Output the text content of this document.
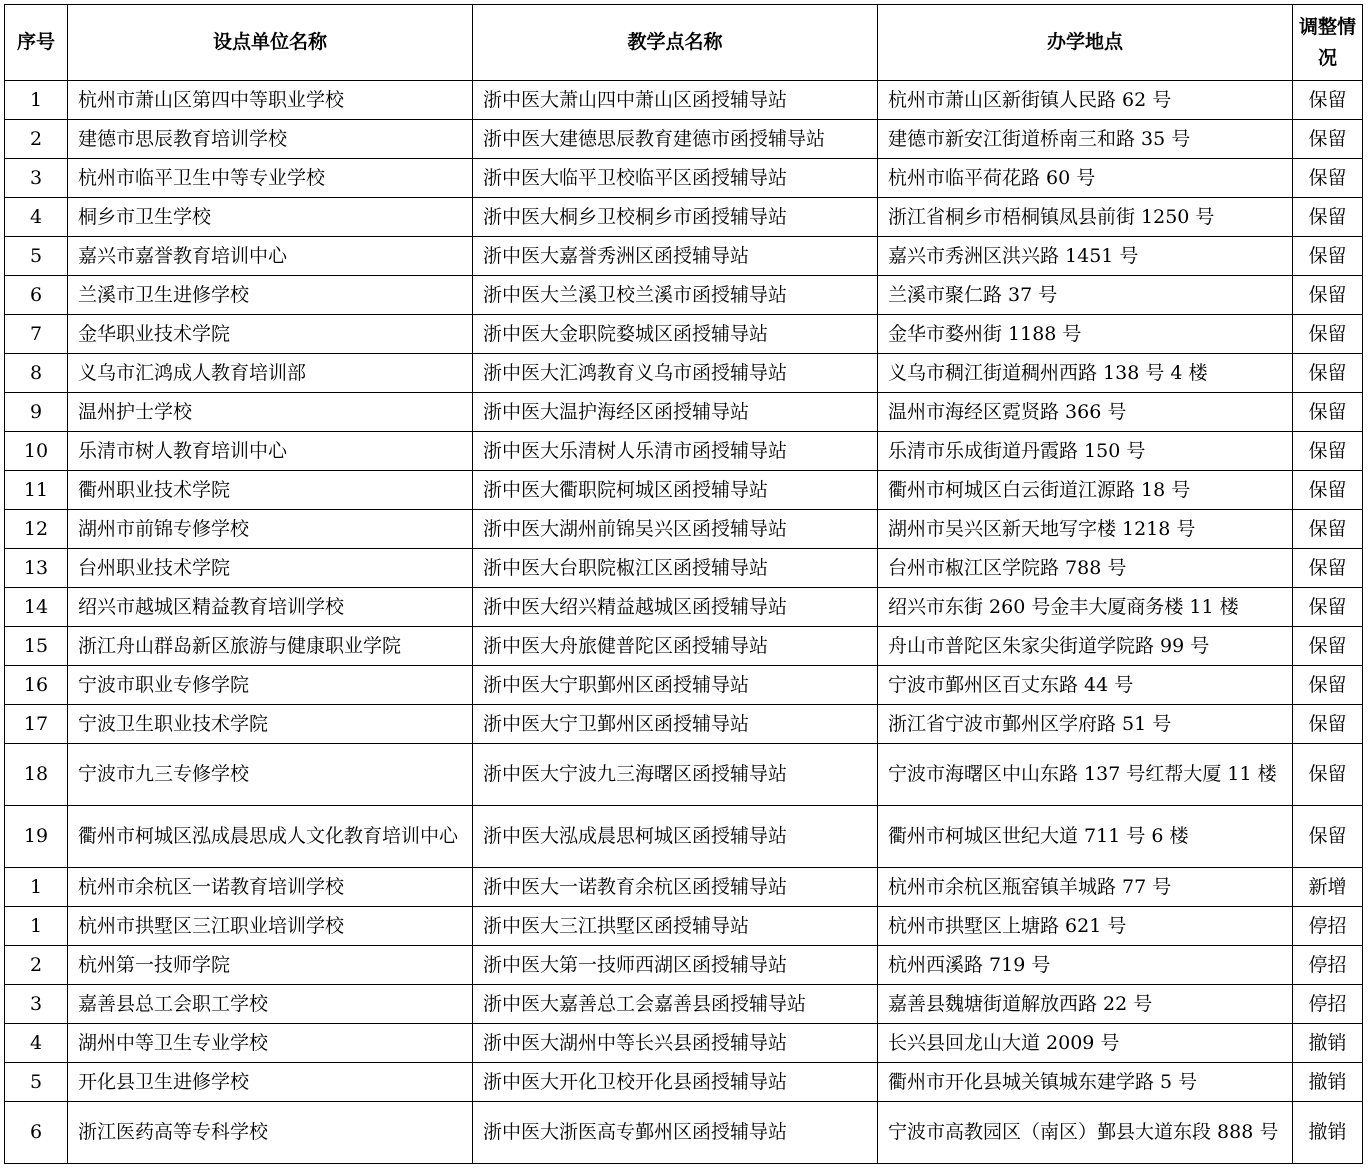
序号	设点单位名称	教学点名称	办学地点	调整情况
1	杭州市萧山区第四中等职业学校	浙中医大萧山四中萧山区函授辅导站	杭州市萧山区新街镇人民路 62 号	保留
2	建德市思辰教育培训学校	浙中医大建德思辰教育建德市函授辅导站	建德市新安江街道桥南三和路 35 号	保留
3	杭州市临平卫生中等专业学校	浙中医大临平卫校临平区函授辅导站	杭州市临平荷花路 60 号	保留
4	桐乡市卫生学校	浙中医大桐乡卫校桐乡市函授辅导站	浙江省桐乡市梧桐镇凤县前街 1250 号	保留
5	嘉兴市嘉誉教育培训中心	浙中医大嘉誉秀洲区函授辅导站	嘉兴市秀洲区洪兴路 1451 号	保留
6	兰溪市卫生进修学校	浙中医大兰溪卫校兰溪市函授辅导站	兰溪市聚仁路 37 号	保留
7	金华职业技术学院	浙中医大金职院婺城区函授辅导站	金华市婺州街 1188 号	保留
8	义乌市汇鸿成人教育培训部	浙中医大汇鸿教育义乌市函授辅导站	义乌市稠江街道稠州西路 138 号 4 楼	保留
9	温州护士学校	浙中医大温护海经区函授辅导站	温州市海经区霓贤路 366 号	保留
10	乐清市树人教育培训中心	浙中医大乐清树人乐清市函授辅导站	乐清市乐成街道丹霞路 150 号	保留
11	衢州职业技术学院	浙中医大衢职院柯城区函授辅导站	衢州市柯城区白云街道江源路 18 号	保留
12	湖州市前锦专修学校	浙中医大湖州前锦吴兴区函授辅导站	湖州市吴兴区新天地写字楼 1218 号	保留
13	台州职业技术学院	浙中医大台职院椒江区函授辅导站	台州市椒江区学院路 788 号	保留
14	绍兴市越城区精益教育培训学校	浙中医大绍兴精益越城区函授辅导站	绍兴市东街 260 号金丰大厦商务楼 11 楼	保留
15	浙江舟山群岛新区旅游与健康职业学院	浙中医大舟旅健普陀区函授辅导站	舟山市普陀区朱家尖街道学院路 99 号	保留
16	宁波市职业专修学院	浙中医大宁职鄞州区函授辅导站	宁波市鄞州区百丈东路 44 号	保留
17	宁波卫生职业技术学院	浙中医大宁卫鄞州区函授辅导站	浙江省宁波市鄞州区学府路 51 号	保留
18	宁波市九三专修学校	浙中医大宁波九三海曙区函授辅导站	宁波市海曙区中山东路 137 号红帮大厦 11 楼	保留
19	衢州市柯城区泓成晨思成人文化教育培训中心	浙中医大泓成晨思柯城区函授辅导站	衢州市柯城区世纪大道 711 号 6 楼	保留
1	杭州市余杭区一诺教育培训学校	浙中医大一诺教育余杭区函授辅导站	杭州市余杭区瓶窑镇羊城路 77 号	新增
1	杭州市拱墅区三江职业培训学校	浙中医大三江拱墅区函授辅导站	杭州市拱墅区上塘路 621 号	停招
2	杭州第一技师学院	浙中医大第一技师西湖区函授辅导站	杭州西溪路 719 号	停招
3	嘉善县总工会职工学校	浙中医大嘉善总工会嘉善县函授辅导站	嘉善县魏塘街道解放西路 22 号	停招
4	湖州中等卫生专业学校	浙中医大湖州中等长兴县函授辅导站	长兴县回龙山大道 2009 号	撤销
5	开化县卫生进修学校	浙中医大开化卫校开化县函授辅导站	衢州市开化县城关镇城东建学路 5 号	撤销
6	浙江医药高等专科学校	浙中医大浙医高专鄞州区函授辅导站	宁波市高教园区（南区）鄞县大道东段 888 号	撤销
